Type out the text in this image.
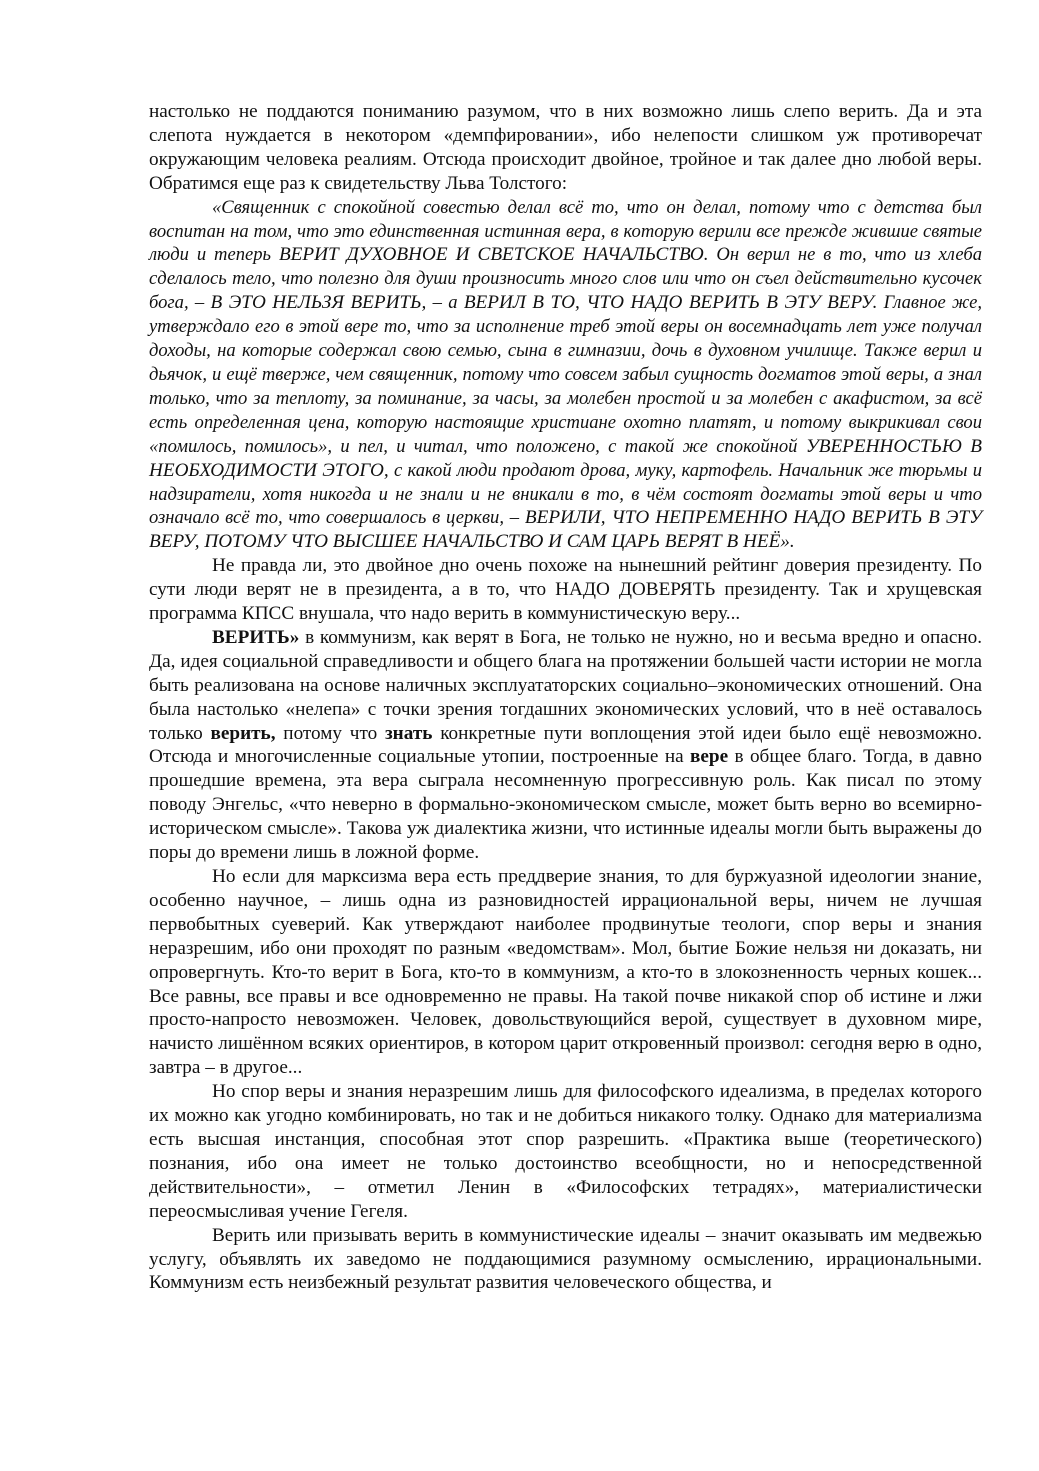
настолько не поддаются пониманию разумом, что в них возможно лишь слепо верить. Да и эта слепота нуждается в некотором «демпфировании», ибо нелепости слишком уж противоречат окружающим человека реалиям. Отсюда происходит двойное, тройное и так далее дно любой веры. Обратимся еще раз к свидетельству Льва Толстого:

«Священник с спокойной совестью делал всё то, что он делал, потому что с детства был воспитан на том, что это единственная истинная вера, в которую верили все прежде жившие святые люди и теперь ВЕРИТ ДУХОВНОЕ И СВЕТСКОЕ НАЧАЛЬСТВО. Он верил не в то, что из хлеба сделалось тело, что полезно для души произносить много слов или что он съел действительно кусочек бога, – В ЭТО НЕЛЬЗЯ ВЕРИТЬ, – а ВЕРИЛ В ТО, ЧТО НАДО ВЕРИТЬ В ЭТУ ВЕРУ. Главное же, утверждало его в этой вере то, что за исполнение треб этой веры он восемнадцать лет уже получал доходы, на которые содержал свою семью, сына в гимназии, дочь в духовном училище. Также верил и дьячок, и ещё тверже, чем священник, потому что совсем забыл сущность догматов этой веры, а знал только, что за теплоту, за поминание, за часы, за молебен простой и за молебен с акафистом, за всё есть определенная цена, которую настоящие христиане охотно платят, и потому выкрикивал свои «помилось, помилось», и пел, и читал, что положено, с такой же спокойной УВЕРЕННОСТЬЮ В НЕОБХОДИМОСТИ ЭТОГО, с какой люди продают дрова, муку, картофель. Начальник же тюрьмы и надзиратели, хотя никогда и не знали и не вникали в то, в чём состоят догматы этой веры и что означало всё то, что совершалось в церкви, – ВЕРИЛИ, ЧТО НЕПРЕМЕННО НАДО ВЕРИТЬ В ЭТУ ВЕРУ, ПОТОМУ ЧТО ВЫСШЕЕ НАЧАЛЬСТВО И САМ ЦАРЬ ВЕРЯТ В НЕЁ».

Не правда ли, это двойное дно очень похоже на нынешний рейтинг доверия президенту. По сути люди верят не в президента, а в то, что НАДО ДОВЕРЯТЬ президенту. Так и хрущевская программа КПСС внушала, что надо верить в коммунистическую веру...

ВЕРИТЬ» в коммунизм, как верят в Бога, не только не нужно, но и весьма вредно и опасно. Да, идея социальной справедливости и общего блага на протяжении большей части истории не могла быть реализована на основе наличных эксплуататорских социально–экономических отношений. Она была настолько «нелепа» с точки зрения тогдашних экономических условий, что в неё оставалось только верить, потому что знать конкретные пути воплощения этой идеи было ещё невозможно. Отсюда и многочисленные социальные утопии, построенные на вере в общее благо. Тогда, в давно прошедшие времена, эта вера сыграла несомненную прогрессивную роль. Как писал по этому поводу Энгельс, «что неверно в формально-экономическом смысле, может быть верно во всемирно-историческом смысле». Такова уж диалектика жизни, что истинные идеалы могли быть выражены до поры до времени лишь в ложной форме.

Но если для марксизма вера есть преддверие знания, то для буржуазной идеологии знание, особенно научное, – лишь одна из разновидностей иррациональной веры, ничем не лучшая первобытных суеверий. Как утверждают наиболее продвинутые теологи, спор веры и знания неразрешим, ибо они проходят по разным «ведомствам». Мол, бытие Божие нельзя ни доказать, ни опровергнуть. Кто-то верит в Бога, кто-то в коммунизм, а кто-то в злокозненность черных кошек... Все равны, все правы и все одновременно не правы. На такой почве никакой спор об истине и лжи просто-напросто невозможен. Человек, довольствующийся верой, существует в духовном мире, начисто лишённом всяких ориентиров, в котором царит откровенный произвол: сегодня верю в одно, завтра – в другое...

Но спор веры и знания неразрешим лишь для философского идеализма, в пределах которого их можно как угодно комбинировать, но так и не добиться никакого толку. Однако для материализма есть высшая инстанция, способная этот спор разрешить. «Практика выше (теоретического) познания, ибо она имеет не только достоинство всеобщности, но и непосредственной действительности», – отметил Ленин в «Философских тетрадях», материалистически переосмысливая учение Гегеля.

Верить или призывать верить в коммунистические идеалы – значит оказывать им медвежью услугу, объявлять их заведомо не поддающимися разумному осмыслению, иррациональными. Коммунизм есть неизбежный результат развития человеческого общества, и
